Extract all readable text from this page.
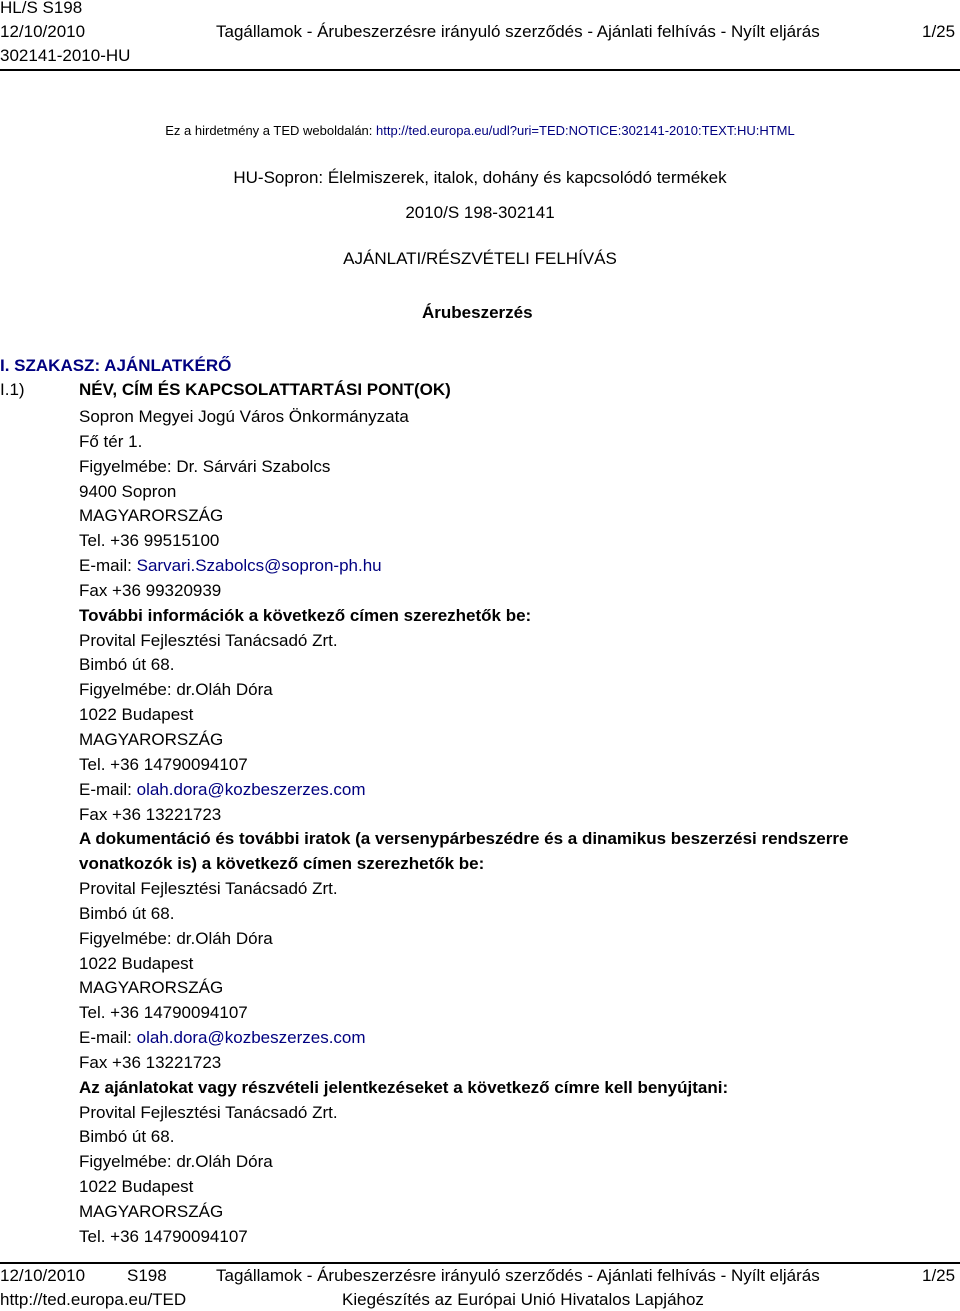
HL/S S198
12/10/2010
302141-2010-HU
Tagállamok - Árubeszerzésre irányuló szerződés - Ajánlati felhívás - Nyílt eljárás	1/25
Ez a hirdetmény a TED weboldalán: http://ted.europa.eu/udl?uri=TED:NOTICE:302141-2010:TEXT:HU:HTML
HU-Sopron: Élelmiszerek, italok, dohány és kapcsolódó termékek
2010/S 198-302141
AJÁNLATI/RÉSZVÉTELI FELHÍVÁS
Árubeszerzés
I. SZAKASZ: AJÁNLATKÉRŐ
I.1)	NÉV, CÍM ÉS KAPCSOLATTARTÁSI PONT(OK)
Sopron Megyei Jogú Város Önkormányzata
Fő tér 1.
Figyelmébe: Dr. Sárvári Szabolcs
9400 Sopron
MAGYARORSZÁG
Tel. +36 99515100
E-mail: Sarvari.Szabolcs@sopron-ph.hu
Fax +36 99320939
További információk a következő címen szerezhetők be:
Provital Fejlesztési Tanácsadó Zrt.
Bimbó út 68.
Figyelmébe: dr.Oláh Dóra
1022 Budapest
MAGYARORSZÁG
Tel. +36 14790094107
E-mail: olah.dora@kozbeszerzes.com
Fax +36 13221723
A dokumentáció és további iratok (a versenypárbeszédre és a dinamikus beszerzési rendszerre vonatkozók is) a következő címen szerezhetők be:
Provital Fejlesztési Tanácsadó Zrt.
Bimbó út 68.
Figyelmébe: dr.Oláh Dóra
1022 Budapest
MAGYARORSZÁG
Tel. +36 14790094107
E-mail: olah.dora@kozbeszerzes.com
Fax +36 13221723
Az ajánlatokat vagy részvételi jelentkezéseket a következő címre kell benyújtani:
Provital Fejlesztési Tanácsadó Zrt.
Bimbó út 68.
Figyelmébe: dr.Oláh Dóra
1022 Budapest
MAGYARORSZÁG
Tel. +36 14790094107
12/10/2010 S198
http://ted.europa.eu/TED
Tagállamok - Árubeszerzésre irányuló szerződés - Ajánlati felhívás - Nyílt eljárás
Kiegészítés az Európai Unió Hivatalos Lapjához
1/25
